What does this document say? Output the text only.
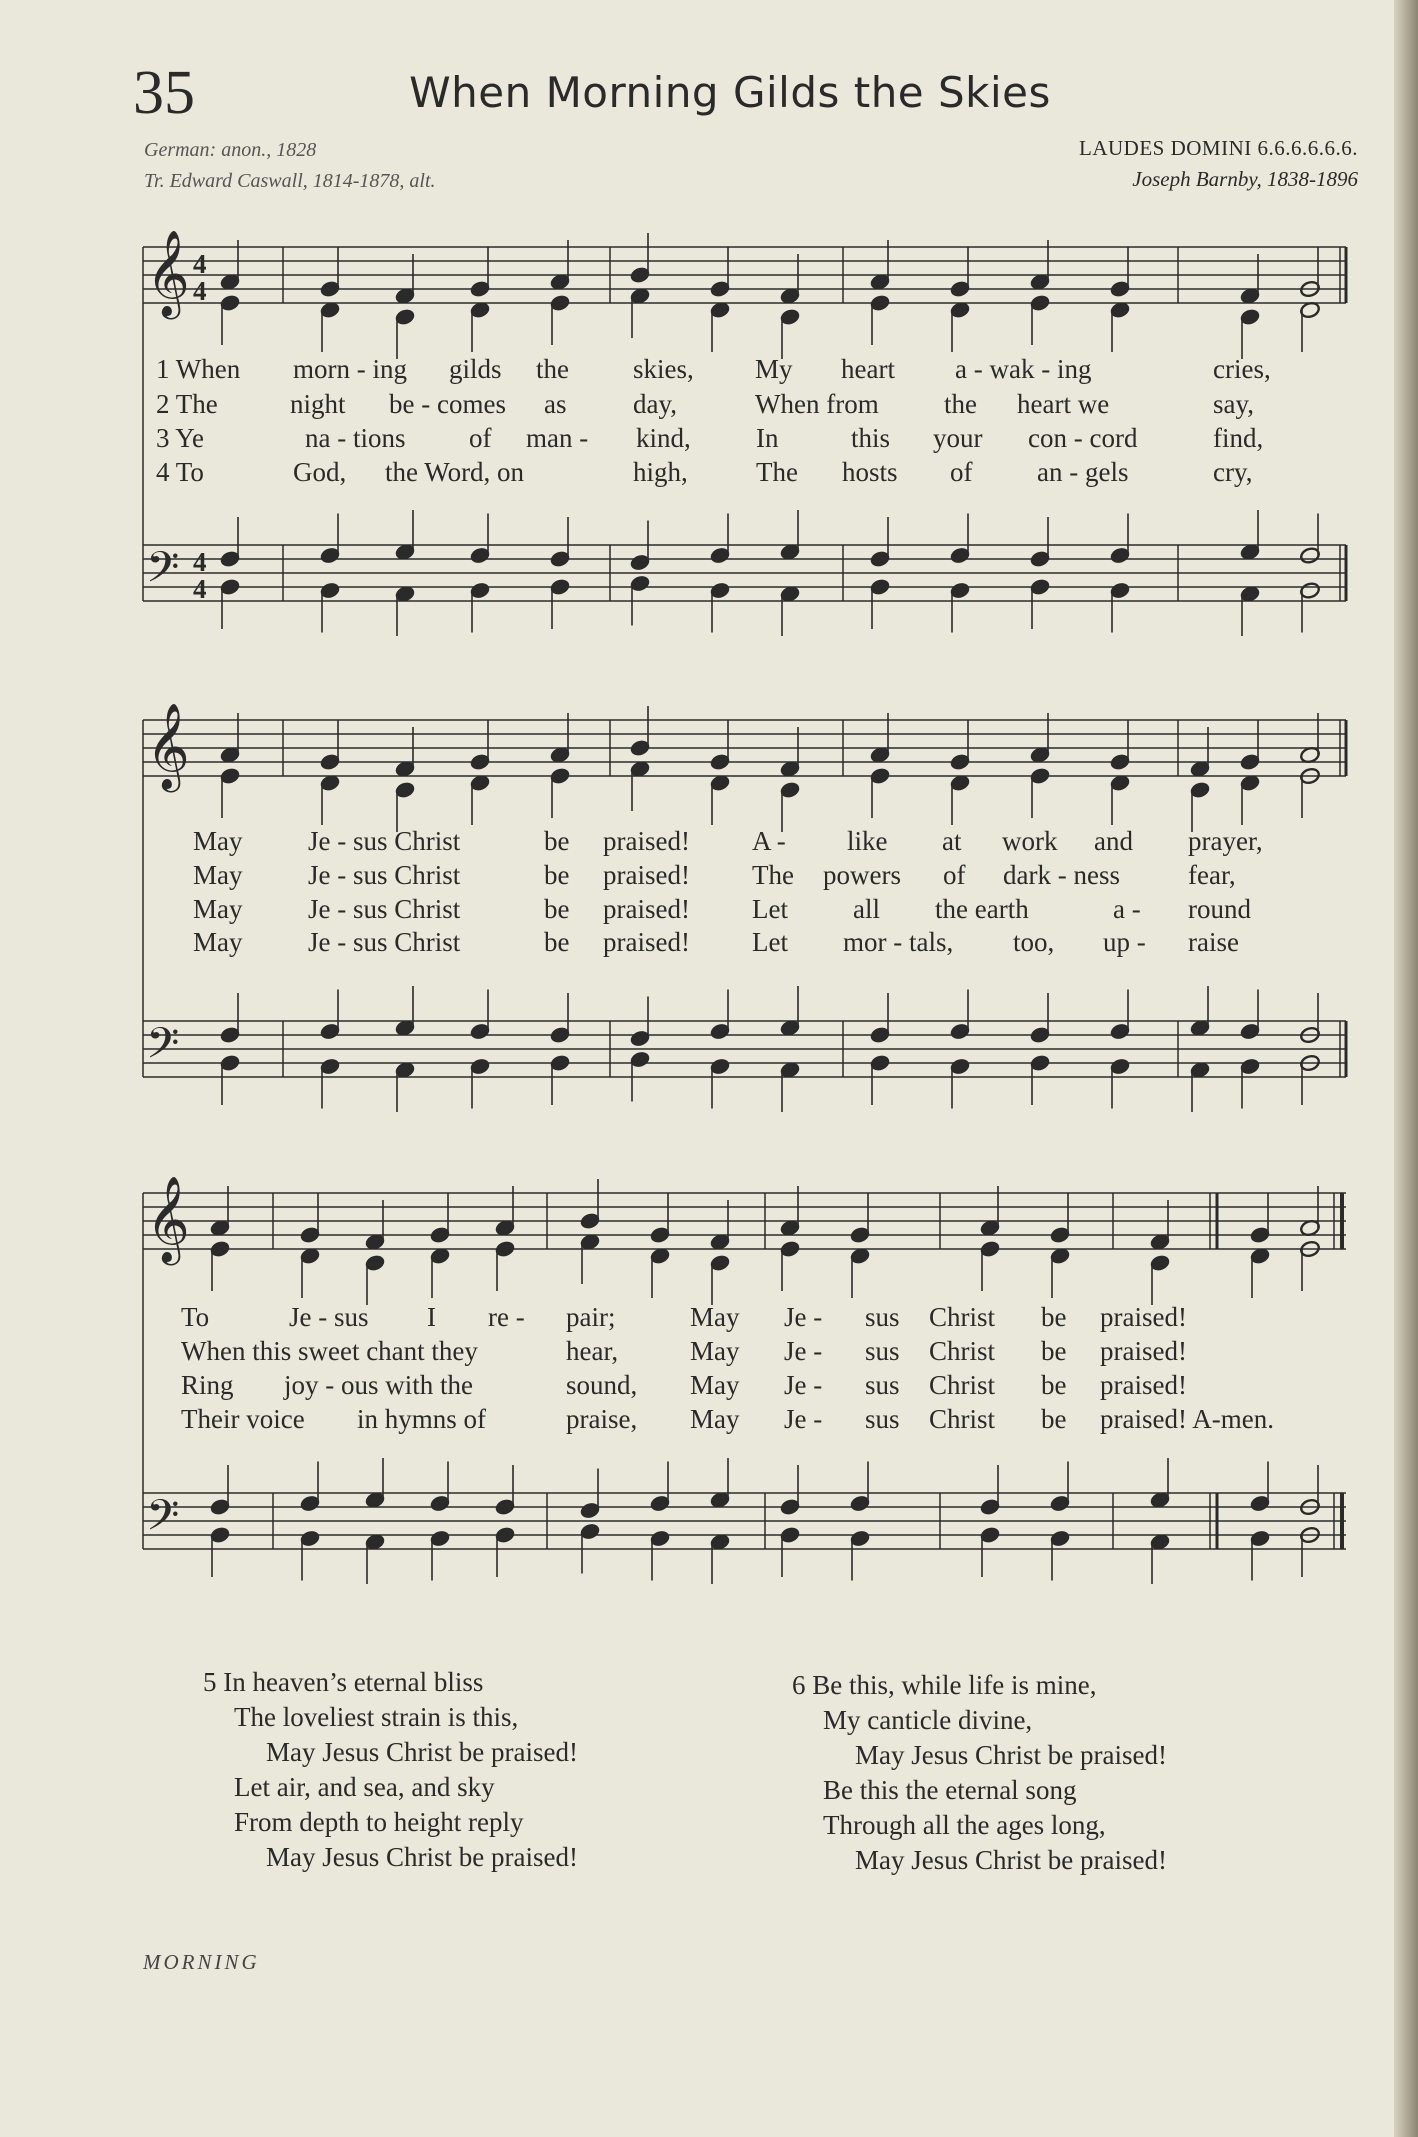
35	When Morning Gilds the Skies
German: anon., 1828
Tr. Edward Caswall, 1814-1878, alt.
LAUDES DOMINI 6.6.6.6.6.6.
Joseph Barnby, 1838-1896
𝄞
𝄢
𝄞
𝄢
𝄞
𝄢
4
4
4
4
1 When morn - ing gilds the skies, My heart a - wak - ing	cries,
2 The	night be - comes as day,	When from the heart we	say,
3 Ye	na - tions of man - kind, In	this your con - cord	find,
4 To	God, the Word, on	high,	The hosts of an - gels	cry,
May Je - sus Christ	be praised! A - like at work and prayer,
May Je - sus Christ	be praised! The powers of dark - ness	fear,
May Je - sus Christ	be praised! Let all the earth	a - round
May Je - sus Christ	be praised! Let mor - tals, too, up - raise
To	Je - sus I re - pair;	May Je - sus Christ be praised!
When this sweet chant they	hear,	May Je - sus Christ be praised!
Ring joy - ous with the	sound, May Je - sus Christ be praised!
Their voice in hymns of	praise, May Je - sus Christ be praised! A-men.
5 In heaven’s eternal bliss
The loveliest strain is this,
May Jesus Christ be praised!
Let air, and sea, and sky
From depth to height reply
May Jesus Christ be praised!
6 Be this, while life is mine,
My canticle divine,
May Jesus Christ be praised!
Be this the eternal song
Through all the ages long,
May Jesus Christ be praised!
MORNING
